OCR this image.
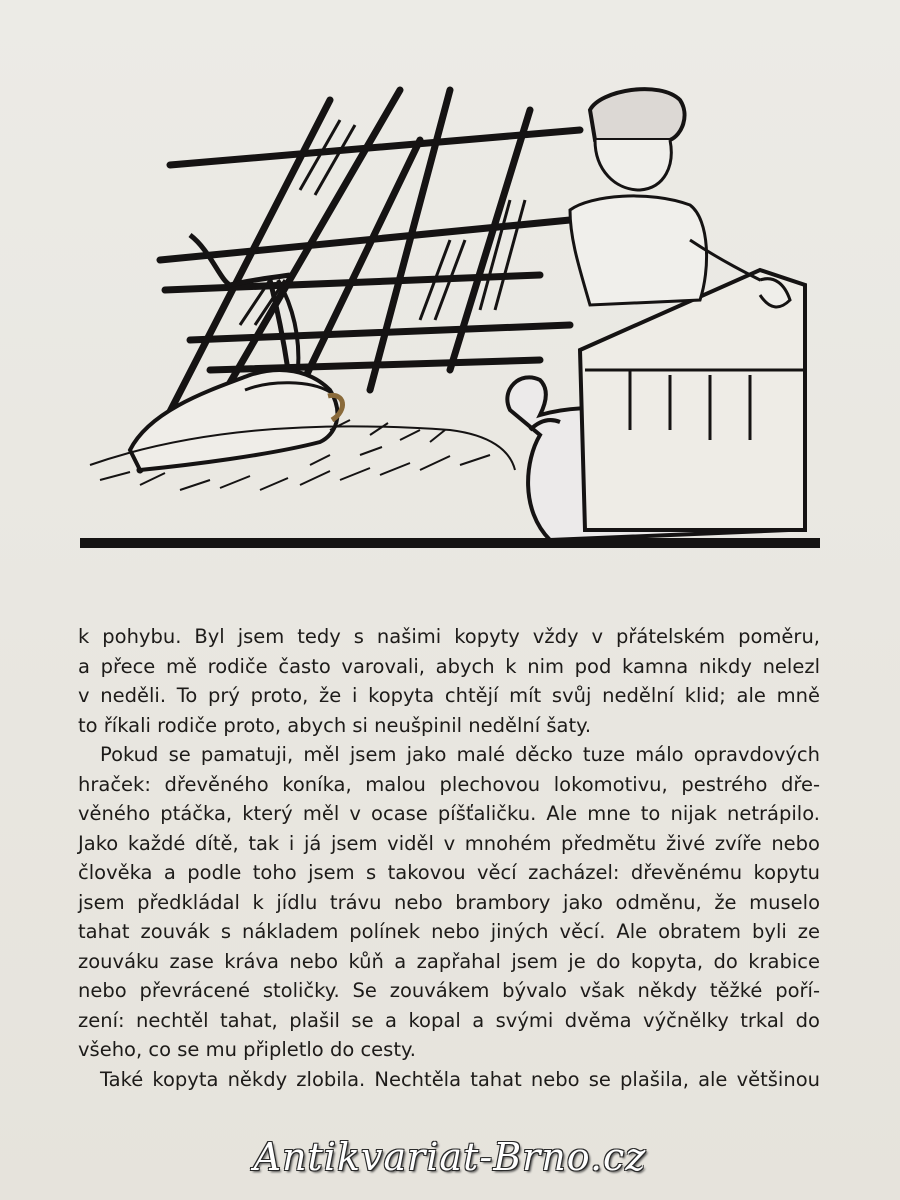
k pohybu. Byl jsem tedy s našimi kopyty vždy v přátelském poměru,
a přece mě rodiče často varovali, abych k nim pod kamna nikdy nelezl
v neděli. To prý proto, že i kopyta chtějí mít svůj nedělní klid; ale mně
to říkali rodiče proto, abych si neušpinil nedělní šaty.

Pokud se pamatuji, měl jsem jako malé děcko tuze málo opravdových
hraček: dřevěného koníka, malou plechovou lokomotivu, pestrého dře-
věného ptáčka, který měl v ocase píšťaličku. Ale mne to nijak netrápilo.
Jako každé dítě, tak i já jsem viděl v mnohém předmětu živé zvíře nebo
člověka a podle toho jsem s takovou věcí zacházel: dřevěnému kopytu
jsem předkládal k jídlu trávu nebo brambory jako odměnu, že muselo
tahat zouvák s nákladem polínek nebo jiných věcí. Ale obratem byli ze
zouváku zase kráva nebo kůň a zapřahal jsem je do kopyta, do krabice
nebo převrácené stoličky. Se zouvákem bývalo však někdy těžké poří-
zení: nechtěl tahat, plašil se a kopal a svými dvěma výčnělky trkal do
všeho, co se mu připletlo do cesty.

Také kopyta někdy zlobila. Nechtěla tahat nebo se plašila, ale většinou

Antikvariat-Brno.cz
